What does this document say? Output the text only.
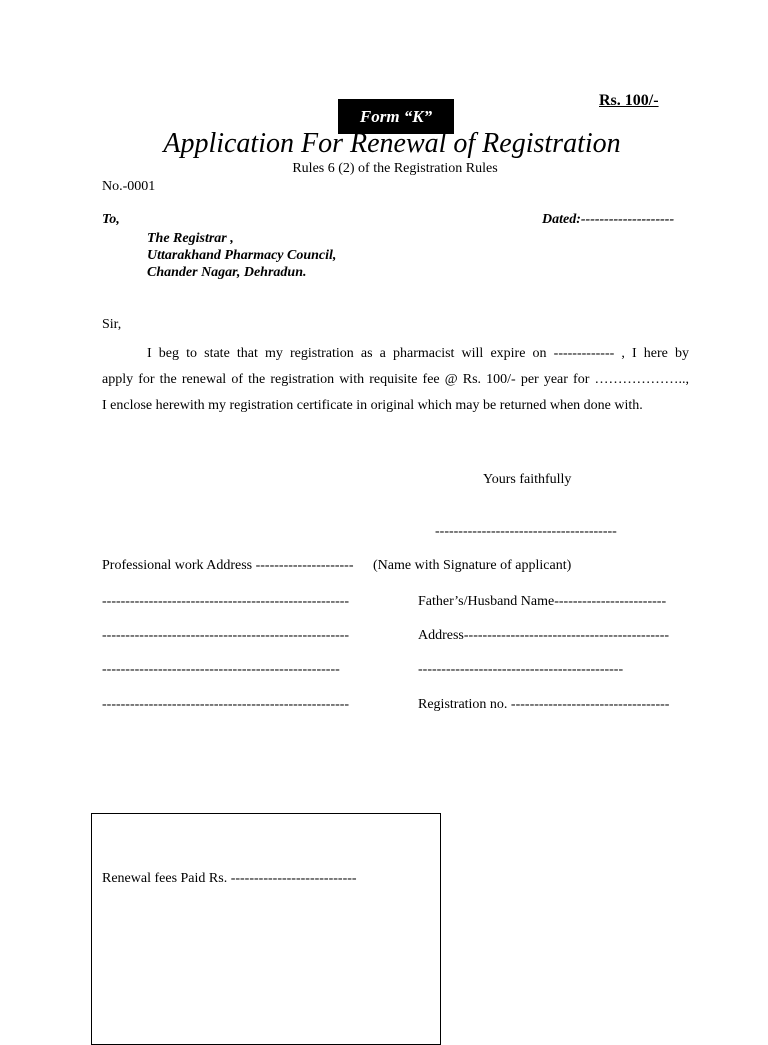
Rs. 100/-
Form “K”
Application For Renewal of Registration
Rules 6 (2) of the Registration Rules
No.-0001
To,	Dated:--------------------
The Registrar ,
Uttarakhand Pharmacy Council,
Chander Nagar, Dehradun.
Sir,
I beg to state that my registration as a pharmacist will expire on ------------- , I here by
apply for the renewal of the registration with requisite fee @ Rs. 100/- per year for ………………..,
I enclose herewith my registration certificate in original which may be returned when done with.
Yours faithfully
---------------------------------------
Professional work Address --------------------- (Name with Signature of applicant)
-----------------------------------------------------	Father’s/Husband Name------------------------
-----------------------------------------------------	Address--------------------------------------------
---------------------------------------------------	--------------------------------------------
-----------------------------------------------------	Registration no. ----------------------------------
Renewal fees Paid Rs. ---------------------------
